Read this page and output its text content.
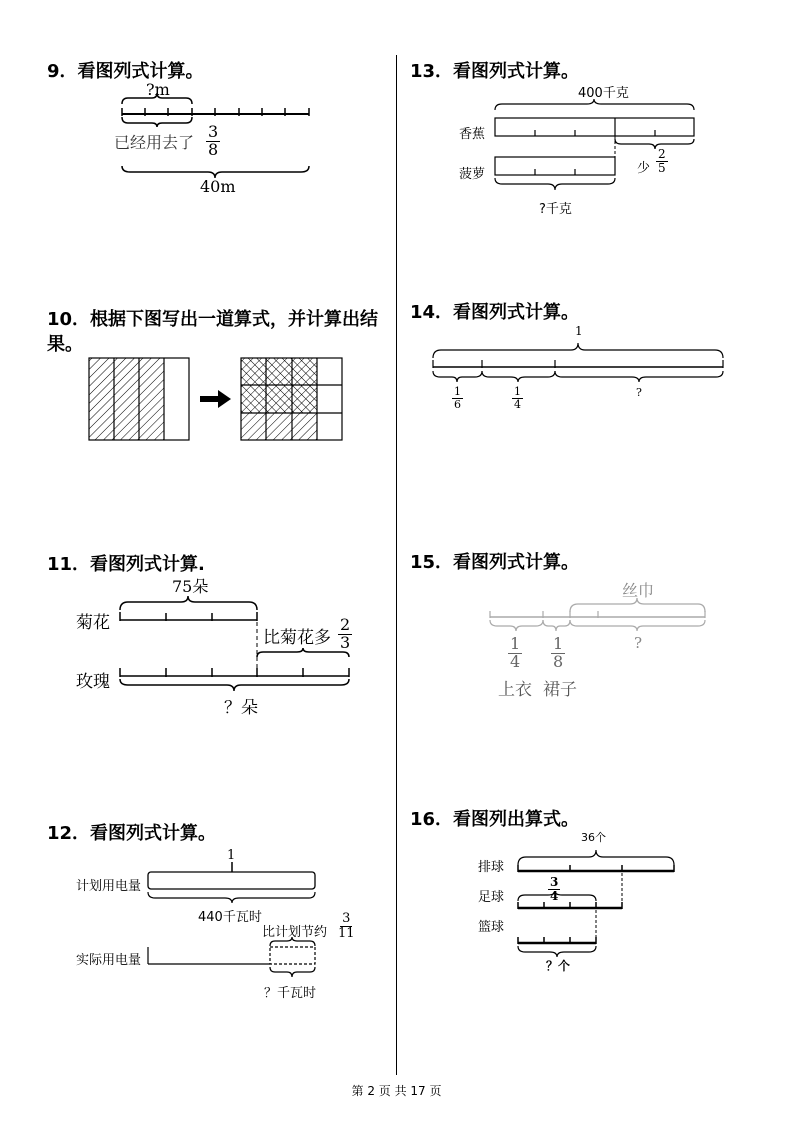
9．看图列式计算。
?m
已经用去了 $\frac{3}{8}$
40m
10．根据下图写出一道算式，并计算出结果。
11．看图列式计算.
75朵
菊花
玫瑰
比菊花多 $\frac{2}{3}$
？朵
12．看图列式计算。
1
计划用电量
440千瓦时
比计划节约 $\frac{3}{11}$
实际用电量
？千瓦时
13．看图列式计算。
400千克
香蕉
菠萝	少 $\frac{2}{5}$
?千克
14．看图列式计算。
1
$\frac{1}{6}$	$\frac{1}{4}$	?
15．看图列式计算。
丝巾
$\frac{1}{4} \frac{1}{8}$	?
上衣 裙子
16．看图列出算式。
36个
排球
足球	$\frac{3}{4}$
篮球
？个
第 2 页 共 17 页
